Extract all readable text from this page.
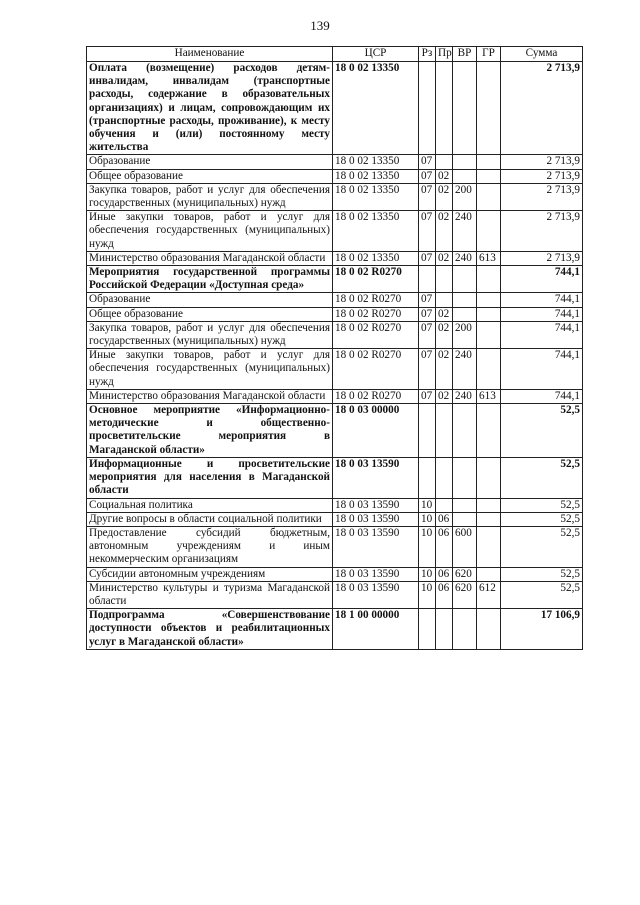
139
Наименование	ЦСР	Рз	Пр	ВР	ГР	Сумма
Оплата (возмещение) расходов детям-инвалидам, инвалидам (транспортные расходы, содержание в образовательных организациях) и лицам, сопровождающим их (транспортные расходы, проживание), к месту обучения и (или) постоянному месту жительства	18 0 02 13350					2 713,9
Образование	18 0 02 13350	07				2 713,9
Общее образование	18 0 02 13350	07	02			2 713,9
Закупка товаров, работ и услуг для обеспечения государственных (муниципальных) нужд	18 0 02 13350	07	02	200		2 713,9
Иные закупки товаров, работ и услуг для обеспечения государственных (муниципальных) нужд	18 0 02 13350	07	02	240		2 713,9
Министерство образования Магаданской области	18 0 02 13350	07	02	240	613	2 713,9
Мероприятия государственной программы Российской Федерации «Доступная среда»	18 0 02 R0270					744,1
Образование	18 0 02 R0270	07				744,1
Общее образование	18 0 02 R0270	07	02			744,1
Закупка товаров, работ и услуг для обеспечения государственных (муниципальных) нужд	18 0 02 R0270	07	02	200		744,1
Иные закупки товаров, работ и услуг для обеспечения государственных (муниципальных) нужд	18 0 02 R0270	07	02	240		744,1
Министерство образования Магаданской области	18 0 02 R0270	07	02	240	613	744,1
Основное мероприятие «Информационно-методические и общественно-просветительские мероприятия в Магаданской области»	18 0 03 00000					52,5
Информационные и просветительские мероприятия для населения в Магаданской области	18 0 03 13590					52,5
Социальная политика	18 0 03 13590	10				52,5
Другие вопросы в области социальной политики	18 0 03 13590	10	06			52,5
Предоставление субсидий бюджетным, автономным учреждениям и иным некоммерческим организациям	18 0 03 13590	10	06	600		52,5
Субсидии автономным учреждениям	18 0 03 13590	10	06	620		52,5
Министерство культуры и туризма Магаданской области	18 0 03 13590	10	06	620	612	52,5
Подпрограмма «Совершенствование доступности объектов и реабилитационных услуг в Магаданской области»	18 1 00 00000					17 106,9
